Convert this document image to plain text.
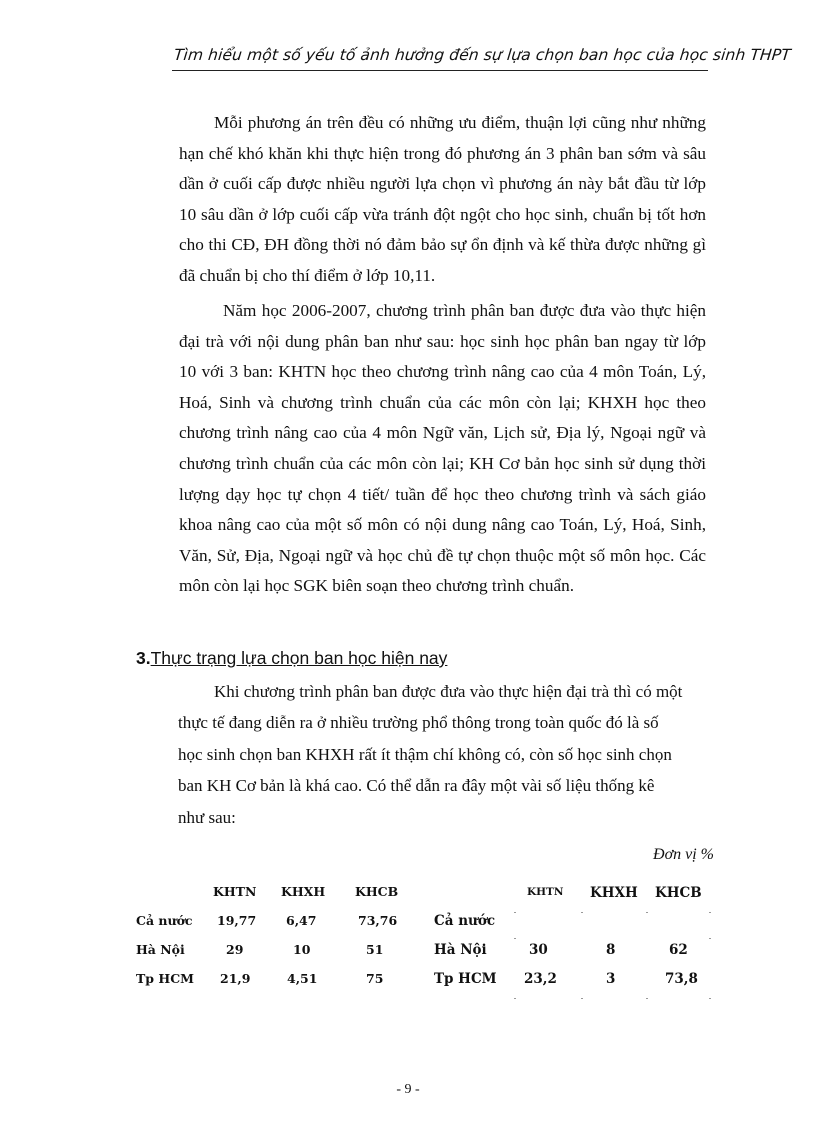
Tìm hiểu một số yếu tố ảnh hưởng đến sự lựa chọn ban học của học sinh THPT

Mỗi phương án trên đều có những ưu điểm, thuận lợi cũng như những hạn chế khó khăn khi thực hiện trong đó phương án 3 phân ban sớm và sâu dần ở cuối cấp được nhiều người lựa chọn vì phương án này bắt đầu từ lớp 10 sâu dần ở lớp cuối cấp vừa tránh đột ngột cho học sinh, chuẩn bị tốt hơn cho thi CĐ, ĐH đồng thời nó đảm bảo sự ổn định và kế thừa được những gì đã chuẩn bị cho thí điểm ở lớp 10,11.

Năm học 2006-2007, chương trình phân ban được đưa vào thực hiện đại trà với nội dung phân ban như sau: học sinh học phân ban ngay từ lớp 10 với 3 ban: KHTN học theo chương trình nâng cao của 4 môn Toán, Lý, Hoá, Sinh và chương trình chuẩn của các môn còn lại; KHXH học theo chương trình nâng cao của 4 môn Ngữ văn, Lịch sử, Địa lý, Ngoại ngữ và chương trình chuẩn của các môn còn lại; KH Cơ bản học sinh sử dụng thời lượng dạy học tự chọn 4 tiết/ tuần để học theo chương trình và sách giáo khoa nâng cao của một số môn có nội dung nâng cao Toán, Lý, Hoá, Sinh, Văn, Sử, Địa, Ngoại ngữ và học chủ đề tự chọn thuộc một số môn học. Các môn còn lại học SGK biên soạn theo chương trình chuẩn.

3.Thực trạng lựa chọn ban học hiện nay

Khi chương trình phân ban được đưa vào thực hiện đại trà thì có một thực tế đang diễn ra ở nhiều trường phổ thông trong toàn quốc đó là số học sinh chọn ban KHXH rất ít thậm chí không có, còn số học sinh chọn ban KH Cơ bản là khá cao. Có thể dẫn ra đây một vài số liệu thống kê như sau:

Đơn vị %
KHTN KHXH KHCB
Cả nước 19,77 6,47	73,76
Hà Nội	29	10	51
Tp HCM 21,9	4,51	75
KHTN KHXH KHCB
Cả nước
Hà Nội	30	8	62
Tp HCM 23,2	3	73,8
- 9 -
